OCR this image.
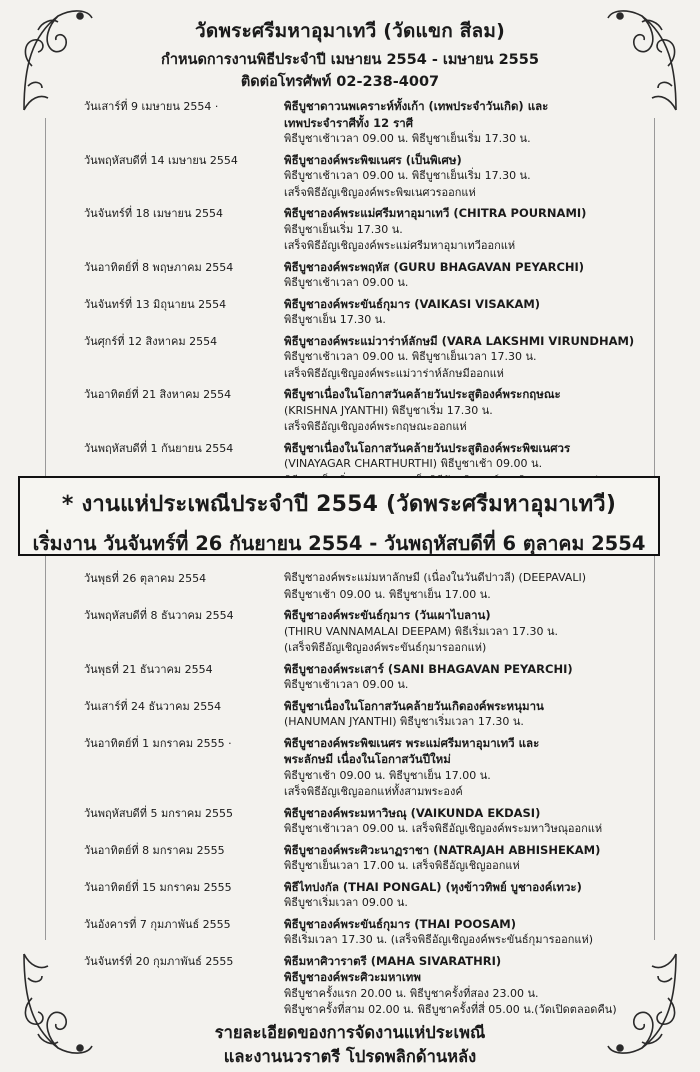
วัดพระศรีมหาอุมาเทวี (วัดแขก สีลม)
กำหนดการงานพิธีประจำปี เมษายน 2554 - เมษายน 2555
ติดต่อโทรศัพท์ 02-238-4007
วันเสาร์ที่ 9 เมษายน 2554 ·	พิธีบูชาดาวนพเคราะห์ทั้งเก้า (เทพประจำวันเกิด) และ
เทพประจำราศีทั้ง 12 ราศี
พิธีบูชาเช้าเวลา 09.00 น. พิธีบูชาเย็นเริ่ม 17.30 น.
วันพฤหัสบดีที่ 14 เมษายน 2554	พิธีบูชาองค์พระพิฆเนศร (เป็นพิเศษ)
พิธีบูชาเช้าเวลา 09.00 น. พิธีบูชาเย็นเริ่ม 17.30 น.
เสร็จพิธีอัญเชิญองค์พระพิฆเนศวรออกแห่
วันจันทร์ที่ 18 เมษายน 2554	พิธีบูชาองค์พระแม่ศรีมหาอุมาเทวี (CHITRA POURNAMI)
พิธีบูชาเย็นเริ่ม 17.30 น.
เสร็จพิธีอัญเชิญองค์พระแม่ศรีมหาอุมาเทวีออกแห่
วันอาทิตย์ที่ 8 พฤษภาคม 2554	พิธีบูชาองค์พระพฤหัส (GURU BHAGAVAN PEYARCHI)
พิธีบูชาเช้าเวลา 09.00 น.
วันจันทร์ที่ 13 มิถุนายน 2554	พิธีบูชาองค์พระขันธ์กุมาร (VAIKASI VISAKAM)
พิธีบูชาเย็น 17.30 น.
วันศุกร์ที่ 12 สิงหาคม 2554	พิธีบูชาองค์พระแม่วาร่าห์ลักษมี (VARA LAKSHMI VIRUNDHAM)
พิธีบูชาเช้าเวลา 09.00 น. พิธีบูชาเย็นเวลา 17.30 น.
เสร็จพิธีอัญเชิญองค์พระแม่วาร่าห์ลักษมีออกแห่
วันอาทิตย์ที่ 21 สิงหาคม 2554	พิธีบูชาเนื่องในโอกาสวันคล้ายวันประสูติองค์พระกฤษณะ
(KRISHNA JYANTHI) พิธีบูชาเริ่ม 17.30 น.
เสร็จพิธีอัญเชิญองค์พระกฤษณะออกแห่
วันพฤหัสบดีที่ 1 กันยายน 2554	พิธีบูชาเนื่องในโอกาสวันคล้ายวันประสูติองค์พระพิฆเนศวร
(VINAYAGAR CHARTHURTHI) พิธีบูชาเช้า 09.00 น.
* งานแห่ประเพณีประจำปี 2554 (วัดพระศรีมหาอุมาเทวี)
เริ่มงาน วันจันทร์ที่ 26 กันยายน 2554 - วันพฤหัสบดีที่ 6 ตุลาคม 2554
วันพุธที่ 26 ตุลาคม 2554	พิธีบูชาองค์พระแม่มหาลักษมี (เนื่องในวันดีปาวลี) (DEEPAVALI)
พิธีบูชาเช้า 09.00 น. พิธีบูชาเย็น 17.00 น.
วันพฤหัสบดีที่ 8 ธันวาคม 2554	พิธีบูชาองค์พระขันธ์กุมาร (วันเผาไบลาน)
(THIRU VANNAMALAI DEEPAM) พิธีเริ่มเวลา 17.30 น.
(เสร็จพิธีอัญเชิญองค์พระขันธ์กุมารออกแห่)
วันพุธที่ 21 ธันวาคม 2554	พิธีบูชาองค์พระเสาร์ (SANI BHAGAVAN PEYARCHI)
พิธีบูชาเช้าเวลา 09.00 น.
วันเสาร์ที่ 24 ธันวาคม 2554	พิธีบูชาเนื่องในโอกาสวันคล้ายวันเกิดองค์พระหนุมาน
(HANUMAN JYANTHI) พิธีบูชาเริ่มเวลา 17.30 น.
วันอาทิตย์ที่ 1 มกราคม 2555 ·	พิธีบูชาองค์พระพิฆเนศร พระแม่ศรีมหาอุมาเทวี และ
พระลักษมี เนื่องในโอกาสวันปีใหม่
พิธีบูชาเช้า 09.00 น. พิธีบูชาเย็น 17.00 น.
เสร็จพิธีอัญเชิญออกแห่ทั้งสามพระองค์
วันพฤหัสบดีที่ 5 มกราคม 2555	พิธีบูชาองค์พระมหาวิษณุ (VAIKUNDA EKDASI)
พิธีบูชาเช้าเวลา 09.00 น. เสร็จพิธีอัญเชิญองค์พระมหาวิษณุออกแห่
วันอาทิตย์ที่ 8 มกราคม 2555	พิธีบูชาองค์พระศิวะนาฏราชา (NATRAJAH ABHISHEKAM)
พิธีบูชาเย็นเวลา 17.00 น. เสร็จพิธีอัญเชิญออกแห่
วันอาทิตย์ที่ 15 มกราคม 2555	พิธีไทปงกัล (THAI PONGAL) (หุงข้าวทิพย์ บูชาองค์เทวะ)
พิธีบูชาเริ่มเวลา 09.00 น.
วันอังคารที่ 7 กุมภาพันธ์ 2555	พิธีบูชาองค์พระขันธ์กุมาร (THAI POOSAM)
พิธีเริ่มเวลา 17.30 น. (เสร็จพิธีอัญเชิญองค์พระขันธ์กุมารออกแห่)
วันจันทร์ที่ 20 กุมภาพันธ์ 2555	พิธีมหาศิวาราตรี (MAHA SIVARATHRI)
พิธีบูชาองค์พระศิวะมหาเทพ
พิธีบูชาครั้งแรก 20.00 น. พิธีบูชาครั้งที่สอง 23.00 น.
พิธีบูชาครั้งที่สาม 02.00 น. พิธีบูชาครั้งที่สี่ 05.00 น.(วัดเปิดตลอดคืน)
รายละเอียดของการจัดงานแห่ประเพณี
และงานนวราตรี โปรดพลิกด้านหลัง
